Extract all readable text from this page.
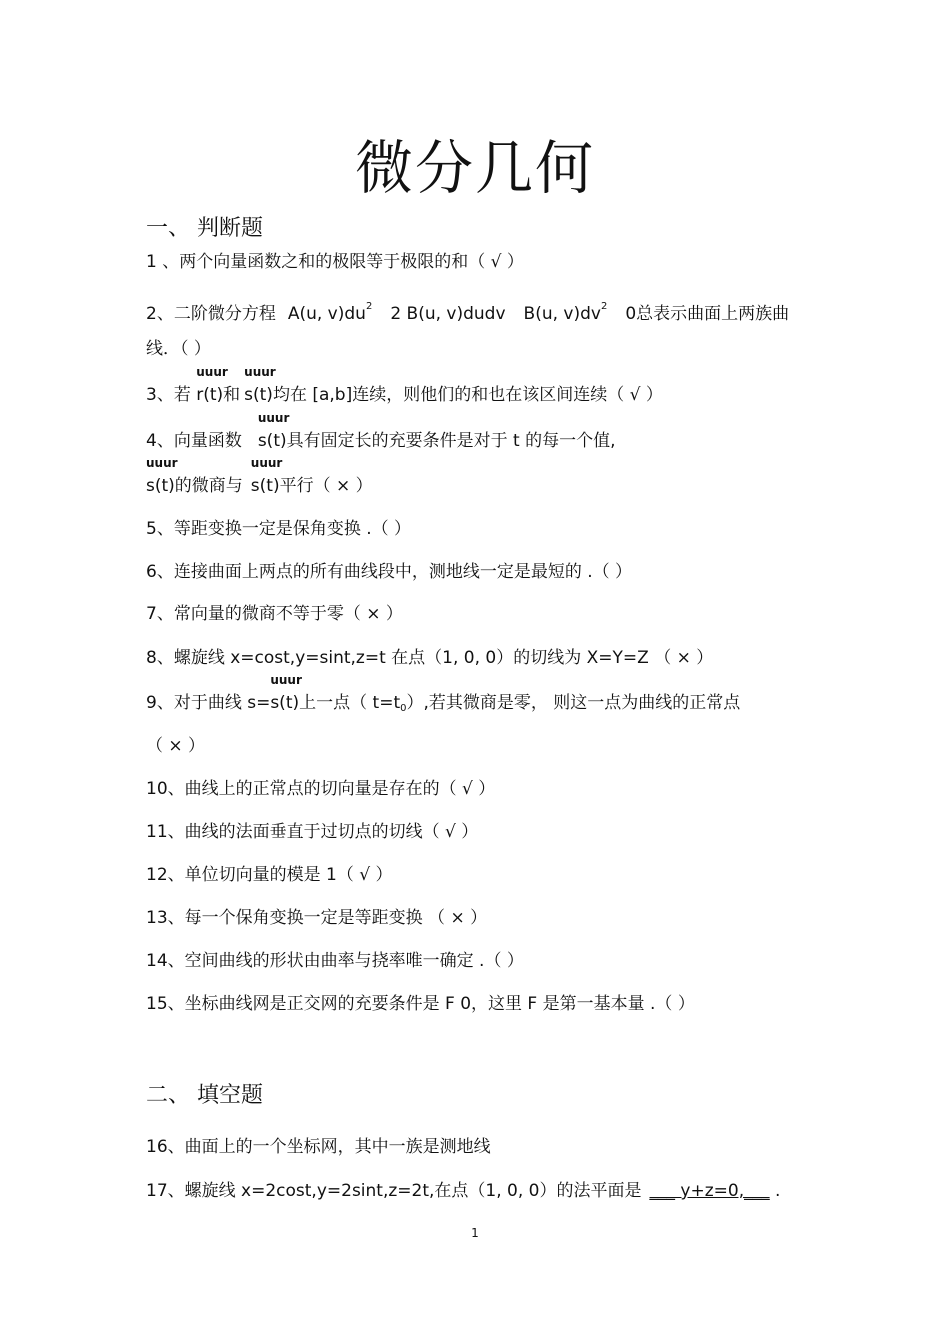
微分几何
一、 判断题
1 、两个向量函数之和的极限等于极限的和（ √ ）
2、二阶微分方程 A(u, $v)du^2$ 2 B(u, v)dudv B(u, $v)dv^2$ 0总表示曲面上两族曲
线．（ ）
3、若
uuur
r(t)和
uuur
s(t)均在 [a,b]连续，则他们的和也在该区间连续（ √ ）
4、向量函数
uuur
s(t)具有固定长的充要条件是对于 t 的每一个值,
uuur
s(t)的微商与
uuur
s(t)平行（ × ）
5、等距变换一定是保角变换 .（ ）
6、连接曲面上两点的所有曲线段中，测地线一定是最短的 .（ ）
7、常向量的微商不等于零（ × ）
8、螺旋线 x=cost,y=sint,z=t 在点（1, 0, 0）的切线为 X=Y=Z （ × ）
9、对于曲线 s=
uuur
s(t)上一点（ $t=t_0$）,若其微商是零， 则这一点为曲线的正常点
（ × ）
10、曲线上的正常点的切向量是存在的（ √ ）
11、曲线的法面垂直于过切点的切线（ √ ）
12、单位切向量的模是 1（ √ ）
13、每一个保角变换一定是等距变换 （ × ）
14、空间曲线的形状由曲率与挠率唯一确定 .（ ）
15、坐标曲线网是正交网的充要条件是 F 0，这里 F 是第一基本量 .（ ）
二、 填空题
16、曲面上的一个坐标网，其中一族是测地线
17、螺旋线 x=2cost,y=2sint,z=2t,在点（1, 0, 0）的法平面是 ___ y+z=0,___ .
1
